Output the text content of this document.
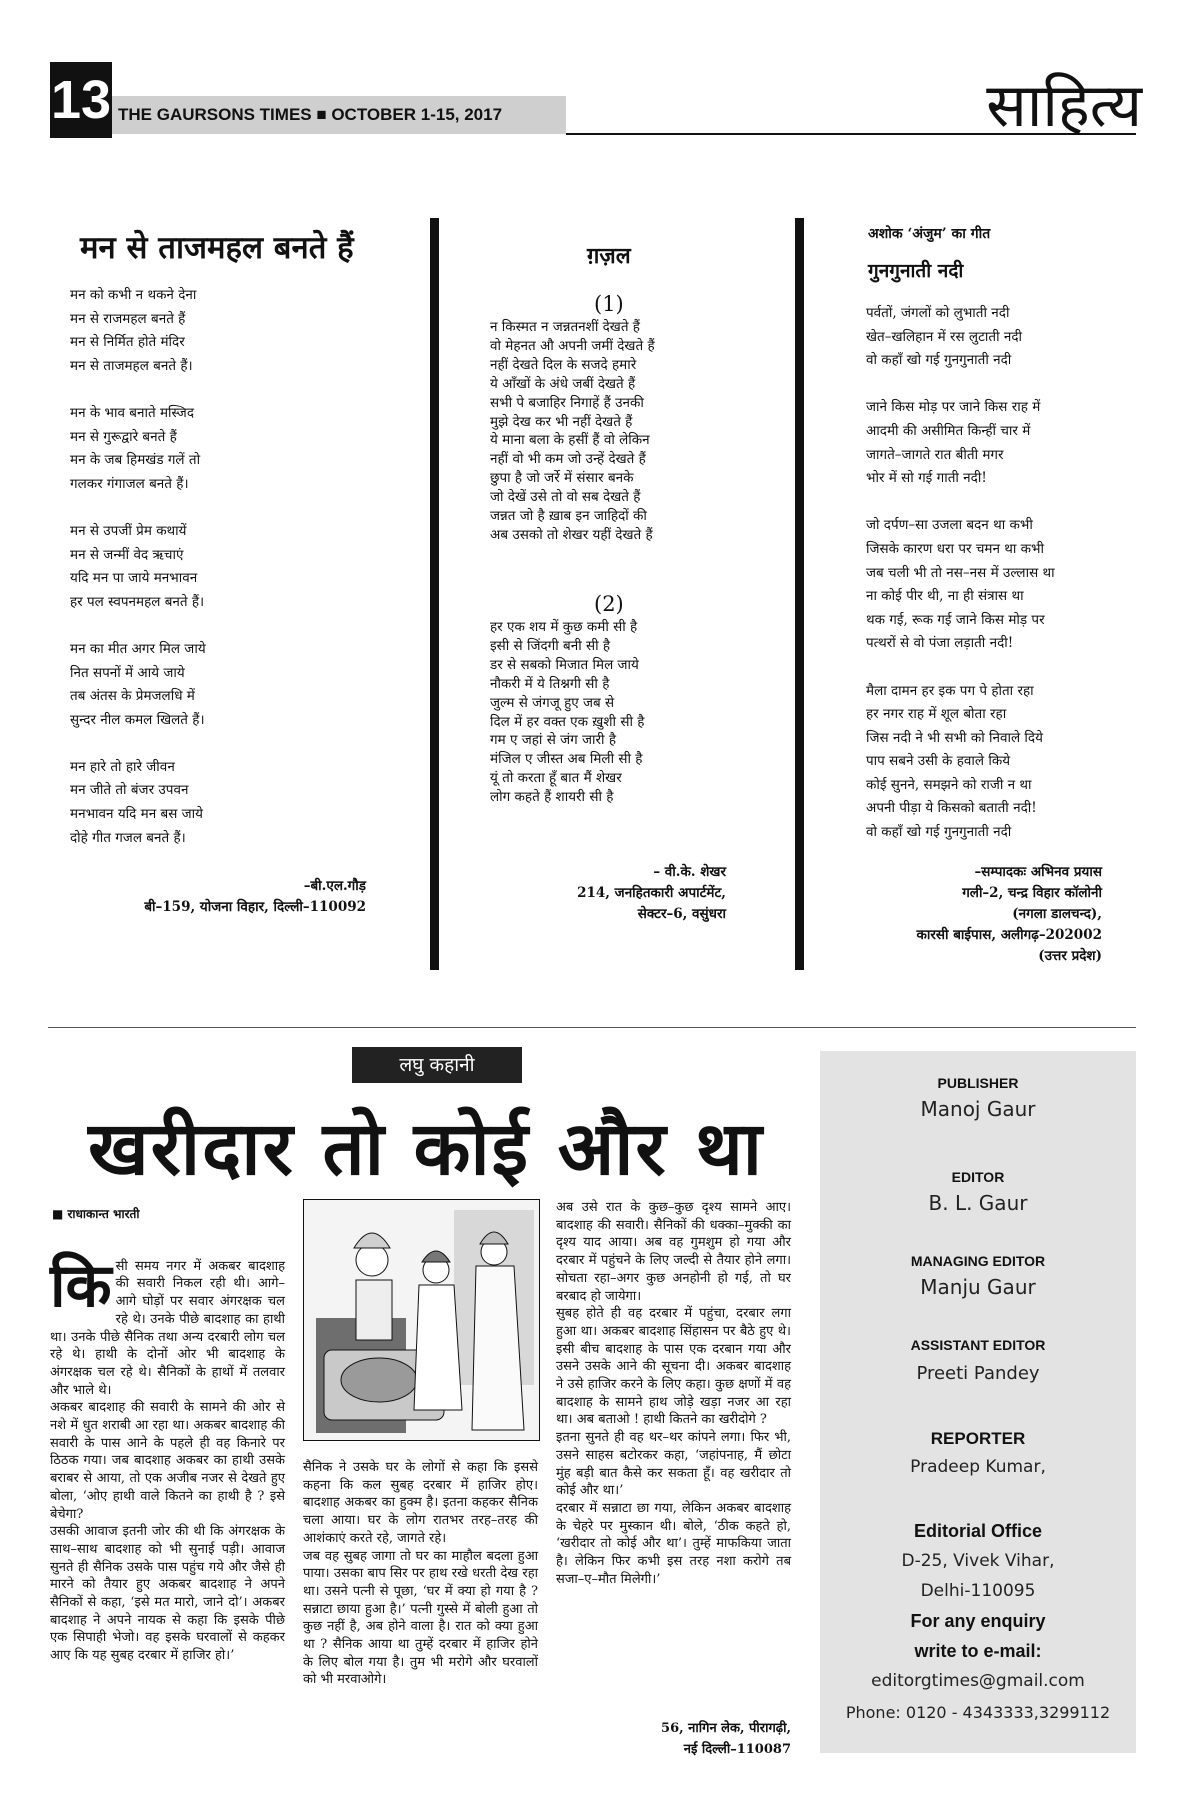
13 THE GAURSONS TIMES ■ OCTOBER 1-15, 2017	साहित्य
मन से ताजमहल बनते हैं
मन को कभी न थकने देना
मन से राजमहल बनते हैं
मन से निर्मित होते मंदिर
मन से ताजमहल बनते हैं।

मन के भाव बनाते मस्जिद
मन से गुरूद्वारे बनते हैं
मन के जब हिमखंड गलें तो
गलकर गंगाजल बनते हैं।

मन से उपजीं प्रेम कथायें
मन से जन्मीं वेद ऋचाएं
यदि मन पा जाये मनभावन
हर पल स्वपनमहल बनते हैं।

मन का मीत अगर मिल जाये
नित सपनों में आये जाये
तब अंतस के प्रेमजलधि में
सुन्दर नील कमल खिलते हैं।

मन हारे तो हारे जीवन
मन जीते तो बंजर उपवन
मनभावन यदि मन बस जाये
दोहे गीत गजल बनते हैं।
–बी.एल.गौड़
बी–159, योजना विहार, दिल्ली–110092
ग़ज़ल
(1)
न किस्मत न जन्नतनशीं देखते हैं
वो मेहनत औ अपनी जमीं देखते हैं
नहीं देखते दिल के सजदे हमारे
ये आँखों के अंधे जबीं देखते हैं
सभी पे बजाहिर निगाहें हैं उनकी
मुझे देख कर भी नहीं देखते हैं
ये माना बला के हसीं हैं वो लेकिन
नहीं वो भी कम जो उन्हें देखते हैं
छुपा है जो जर्रे में संसार बनके
जो देखें उसे तो वो सब देखते हैं
जन्नत जो है ख़ाब इन जाहिदों की
अब उसको तो शेखर यहीं देखते हैं
(2)
हर एक शय में कुछ कमी सी है
इसी से जिंदगी बनी सी है
डर से सबको मिजात मिल जाये
नौकरी में ये तिश्नगी सी है
जुल्म से जंगजू हुए जब से
दिल में हर वक्त एक ख़ुशी सी है
गम ए जहां से जंग जारी है
मंजिल ए जीस्त अब मिली सी है
यूं तो करता हूँ बात मैं शेखर
लोग कहते हैं शायरी सी है
– वी.के. शेखर
214, जनहितकारी अपार्टमेंट,
सेक्टर–6, वसुंधरा
अशोक ‘अंजुम’ का गीत
गुनगुनाती नदी
पर्वतों, जंगलों को लुभाती नदी
खेत–खलिहान में रस लुटाती नदी
वो कहाँ खो गई गुनगुनाती नदी

जाने किस मोड़ पर जाने किस राह में
आदमी की असीमित किन्हीं चार में
जागते–जागते रात बीती मगर
भोर में सो गई गाती नदी!

जो दर्पण–सा उजला बदन था कभी
जिसके कारण धरा पर चमन था कभी
जब चली भी तो नस–नस में उल्लास था
ना कोई पीर थी, ना ही संत्रास था
थक गई, रूक गई जाने किस मोड़ पर
पत्थरों से वो पंजा लड़ाती नदी!

मैला दामन हर इक पग पे होता रहा
हर नगर राह में शूल बोता रहा
जिस नदी ने भी सभी को निवाले दिये
पाप सबने उसी के हवाले किये
कोई सुनने, समझने को राजी न था
अपनी पीड़ा ये किसको बताती नदी!
वो कहाँ खो गई गुनगुनाती नदी
–सम्पादकः अभिनव प्रयास
गली–2, चन्द्र विहार कॉलोनी
(नगला डालचन्द),
कारसी बाईपास, अलीगढ़–202002
(उत्तर प्रदेश)
लघु कहानी
खरीदार तो कोई और था
■ राधाकान्त भारती

किसी समय नगर में अकबर बादशाह की सवारी निकल रही थी। आगे–आगे घोड़ों पर सवार अंगरक्षक चल रहे थे। उनके पीछे बादशाह का हाथी था। उनके पीछे सैनिक तथा अन्य दरबारी लोग चल रहे थे। हाथी के दोनों ओर भी बादशाह के अंगरक्षक चल रहे थे। सैनिकों के हाथों में तलवार और भाले थे।

अकबर बादशाह की सवारी के सामने की ओर से नशे में धुत शराबी आ रहा था। अकबर बादशाह की सवारी के पास आने के पहले ही वह किनारे पर ठिठक गया। जब बादशाह अकबर का हाथी उसके बराबर से आया, तो एक अजीब नजर से देखते हुए बोला, ‘ओए हाथी वाले कितने का हाथी है ? इसे बेचेगा?
उसकी आवाज इतनी जोर की थी कि अंगरक्षक के साथ–साथ बादशाह को भी सुनाई पड़ी। आवाज सुनते ही सैनिक उसके पास पहुंच गये और जैसे ही मारने को तैयार हुए अकबर बादशाह ने अपने सैनिकों से कहा, ‘इसे मत मारो, जाने दो’। अकबर बादशाह ने अपने नायक से कहा कि इसके पीछे एक सिपाही भेजो। वह इसके घरवालों से कहकर आए कि यह सुबह दरबार में हाजिर हो।’

सैनिक ने उसके घर के लोगों से कहा कि इससे कहना कि कल सुबह दरबार में हाजिर होए। बादशाह अकबर का हुक्म है। इतना कहकर सैनिक चला आया। घर के लोग रातभर तरह–तरह की आशंकाएं करते रहे, जागते रहे।
जब वह सुबह जागा तो घर का माहौल बदला हुआ पाया। उसका बाप सिर पर हाथ रखे धरती देख रहा था। उसने पत्नी से पूछा, ‘घर में क्या हो गया है ? सन्नाटा छाया हुआ है।’ पत्नी गुस्से में बोली हुआ तो कुछ नहीं है, अब होने वाला है। रात को क्या हुआ था ? सैनिक आया था तुम्हें दरबार में हाजिर होने के लिए बोल गया है। तुम भी मरोगे और घरवालों को भी मरवाओगे।
अब उसे रात के कुछ–कुछ दृश्य सामने आए। बादशाह की सवारी। सैनिकों की धक्का–मुक्की का दृश्य याद आया। अब वह गुमशुम हो गया और दरबार में पहुंचने के लिए जल्दी से तैयार होने लगा। सोचता रहा–अगर कुछ अनहोनी हो गई, तो घर बरबाद हो जायेगा।
सुबह होते ही वह दरबार में पहुंचा, दरबार लगा हुआ था। अकबर बादशाह सिंहासन पर बैठे हुए थे। इसी बीच बादशाह के पास एक दरबान गया और उसने उसके आने की सूचना दी। अकबर बादशाह ने उसे हाजिर करने के लिए कहा। कुछ क्षणों में वह बादशाह के सामने हाथ जोड़े खड़ा नजर आ रहा था। अब बताओ ! हाथी कितने का खरीदोगे ?
इतना सुनते ही वह थर–थर कांपने लगा। फिर भी, उसने साहस बटोरकर कहा, ‘जहांपनाह, मैं छोटा मुंह बड़ी बात कैसे कर सकता हूँ। वह खरीदार तो कोई और था।’
दरबार में सन्नाटा छा गया, लेकिन अकबर बादशाह के चेहरे पर मुस्कान थी। बोले, ‘ठीक कहते हो, ‘खरीदार तो कोई और था’। तुम्हें माफकिया जाता है। लेकिन फिर कभी इस तरह नशा करोगे तब सजा–ए–मौत मिलेगी।’
56, नागिन लेक, पीरागढ़ी,
नई दिल्ली–110087
PUBLISHER
Manoj Gaur
EDITOR
B. L. Gaur
MANAGING EDITOR
Manju Gaur
ASSISTANT EDITOR
Preeti Pandey
REPORTER
Pradeep Kumar,
Editorial Office
D-25, Vivek Vihar,
Delhi-110095
For any enquiry
write to e-mail:
editorgtimes@gmail.com
Phone: 0120 - 4343333,3299112
